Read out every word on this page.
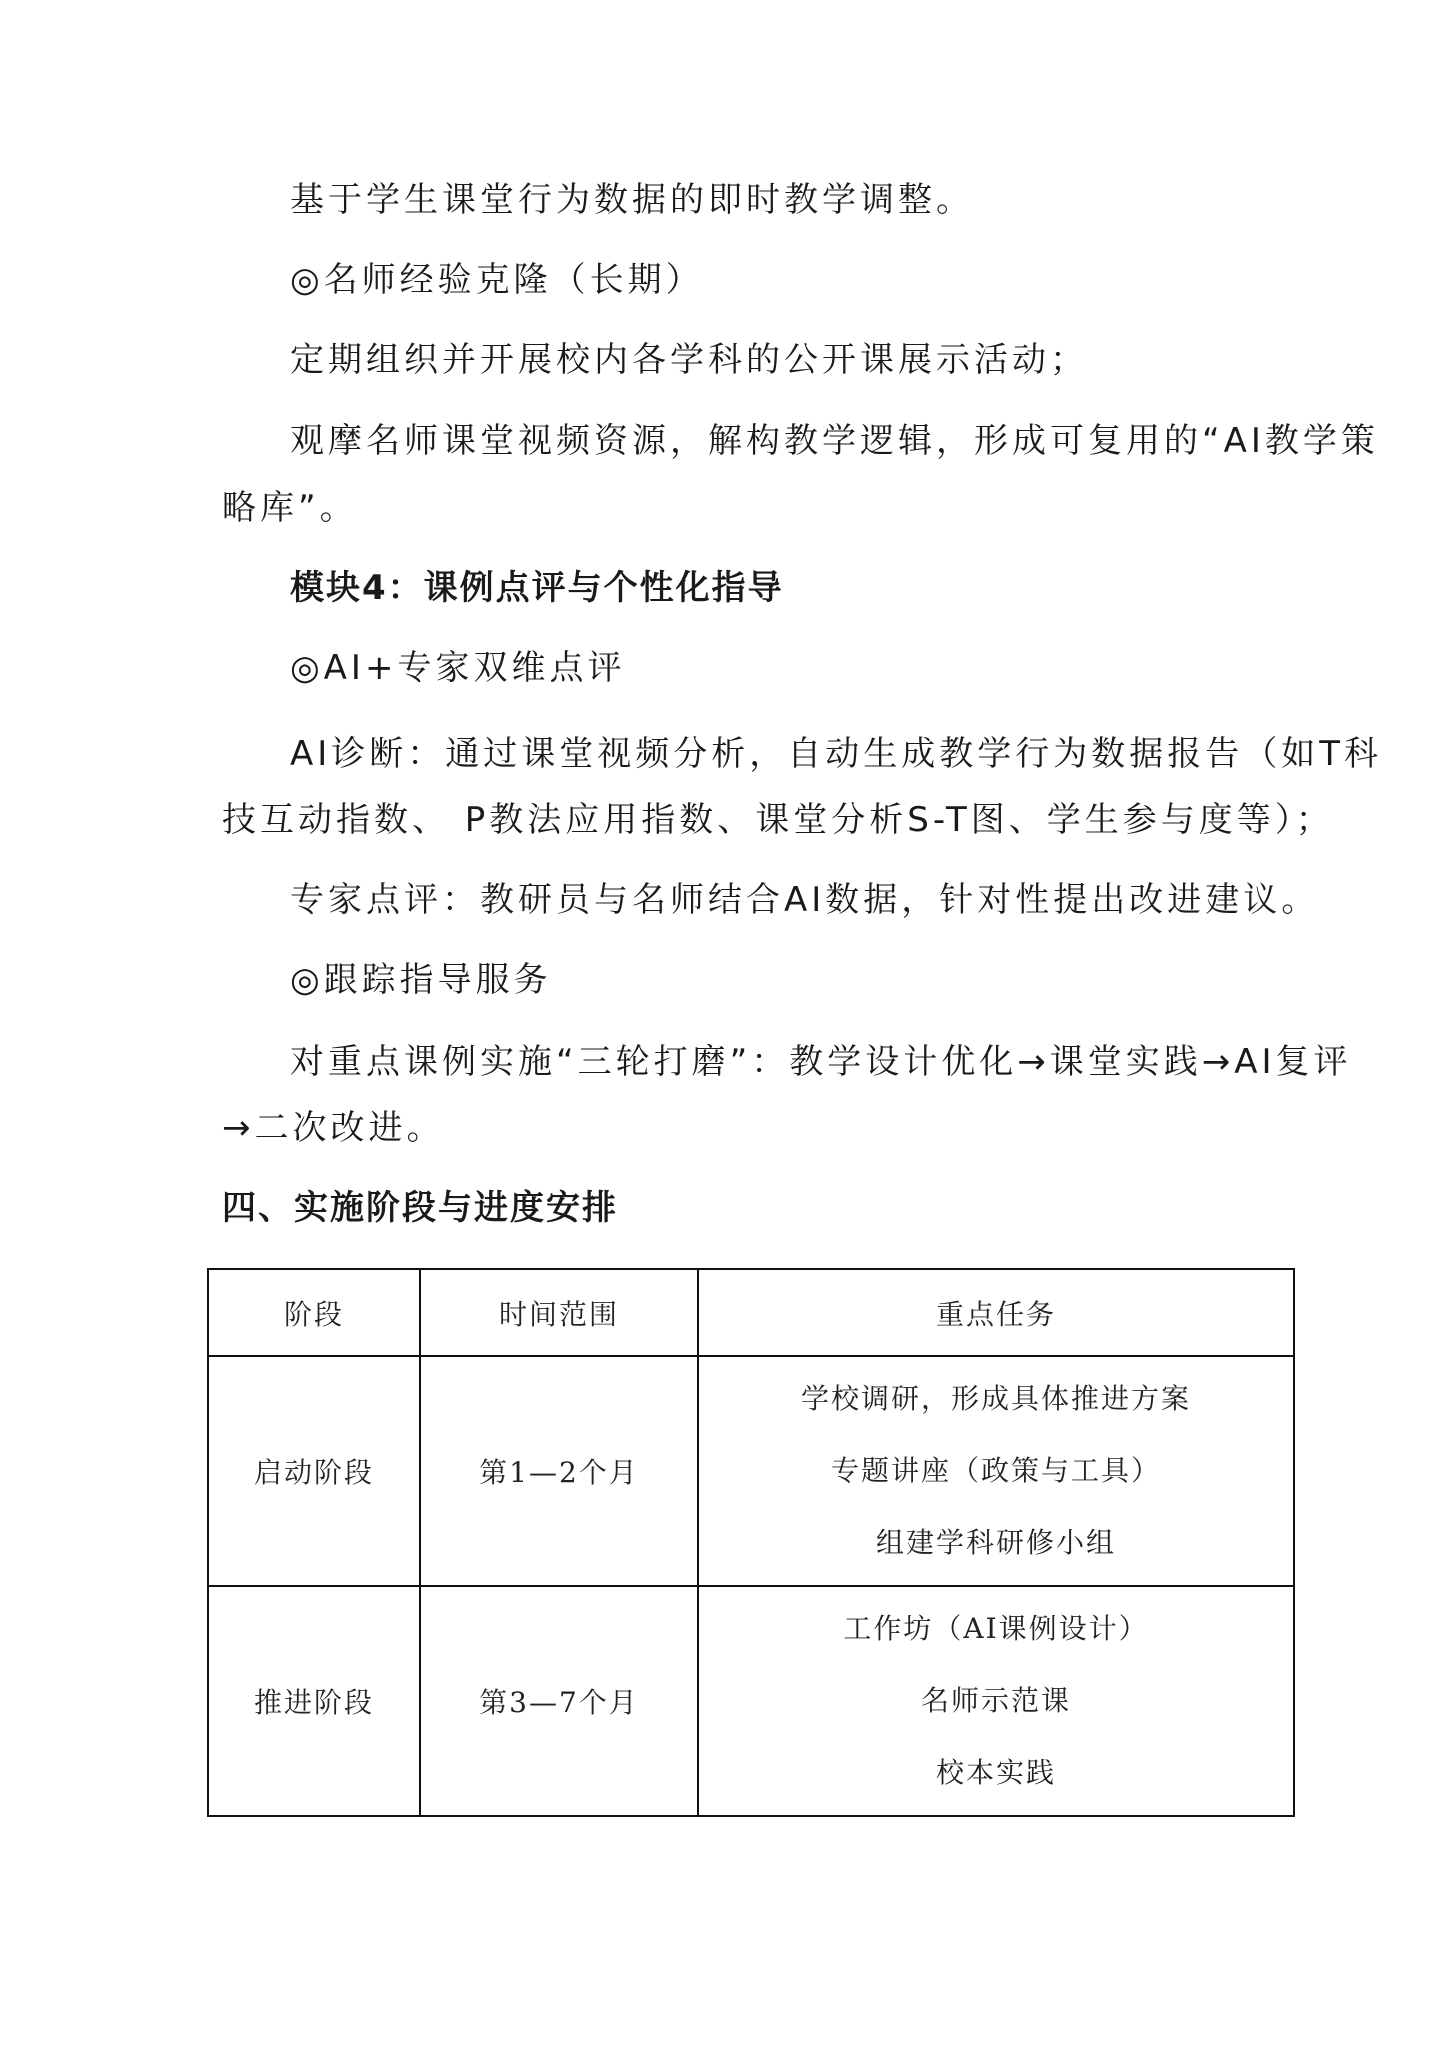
基于学生课堂行为数据的即时教学调整。
◎名师经验克隆（长期）
定期组织并开展校内各学科的公开课展示活动；
观摩名师课堂视频资源，解构教学逻辑，形成可复用的“AI教学策
略库”。
模块4：课例点评与个性化指导
◎AI+专家双维点评
AI诊断：通过课堂视频分析，自动生成教学行为数据报告（如T科
技互动指数、 P教法应用指数、课堂分析S-T图、学生参与度等）；
专家点评：教研员与名师结合AI数据，针对性提出改进建议。
◎跟踪指导服务
对重点课例实施“三轮打磨”：教学设计优化→课堂实践→AI复评
→二次改进。
四、实施阶段与进度安排
阶段	时间范围	重点任务
启动阶段	第1—2个月	学校调研，形成具体推进方案
专题讲座（政策与工具）
组建学科研修小组

推进阶段	第3—7个月	工作坊（AI课例设计）
名师示范课
校本实践
